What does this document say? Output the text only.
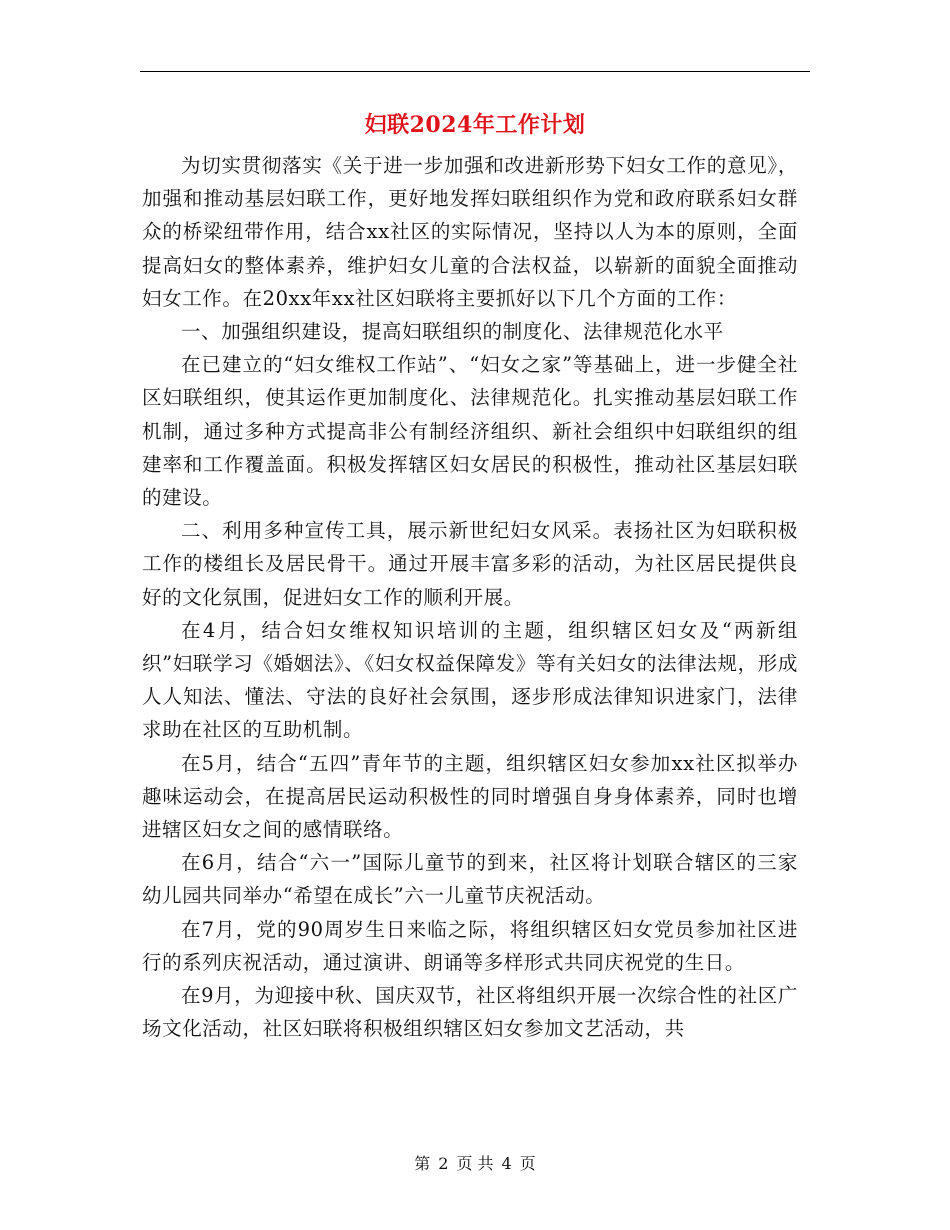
妇联2024年工作计划

为切实贯彻落实《关于进一步加强和改进新形势下妇女工作的意见》，加强和推动基层妇联工作，更好地发挥妇联组织作为党和政府联系妇女群众的桥梁纽带作用，结合xx社区的实际情况，坚持以人为本的原则，全面提高妇女的整体素养，维护妇女儿童的合法权益，以崭新的面貌全面推动妇女工作。在20xx年xx社区妇联将主要抓好以下几个方面的工作：

一、加强组织建设，提高妇联组织的制度化、法律规范化水平

在已建立的“妇女维权工作站”、“妇女之家”等基础上，进一步健全社区妇联组织，使其运作更加制度化、法律规范化。扎实推动基层妇联工作机制，通过多种方式提高非公有制经济组织、新社会组织中妇联组织的组建率和工作覆盖面。积极发挥辖区妇女居民的积极性，推动社区基层妇联的建设。

二、利用多种宣传工具，展示新世纪妇女风采。表扬社区为妇联积极工作的楼组长及居民骨干。通过开展丰富多彩的活动，为社区居民提供良好的文化氛围，促进妇女工作的顺利开展。

在4月，结合妇女维权知识培训的主题，组织辖区妇女及“两新组织”妇联学习《婚姻法》、《妇女权益保障发》等有关妇女的法律法规，形成人人知法、懂法、守法的良好社会氛围，逐步形成法律知识进家门，法律求助在社区的互助机制。

在5月，结合“五四”青年节的主题，组织辖区妇女参加xx社区拟举办趣味运动会，在提高居民运动积极性的同时增强自身身体素养，同时也增进辖区妇女之间的感情联络。

在6月，结合“六一”国际儿童节的到来，社区将计划联合辖区的三家幼儿园共同举办“希望在成长”六一儿童节庆祝活动。

在7月，党的90周岁生日来临之际，将组织辖区妇女党员参加社区进行的系列庆祝活动，通过演讲、朗诵等多样形式共同庆祝党的生日。

在9月，为迎接中秋、国庆双节，社区将组织开展一次综合性的社区广场文化活动，社区妇联将积极组织辖区妇女参加文艺活动，共

第 2 页 共 4 页
